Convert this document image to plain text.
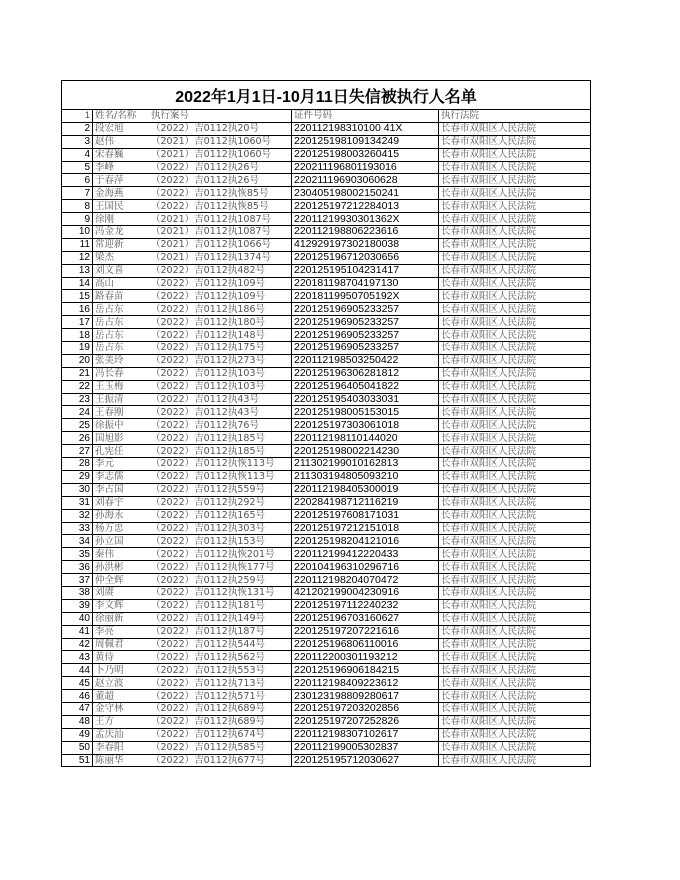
2022年1月1日-10月11日失信被执行人名单
1	姓名/名称	执行案号	证件号码	执行法院
2	段宏旭	（2022）吉0112执20号	220112198310100 41X	长春市双阳区人民法院
3	赵伟	（2021）吉0112执1060号	220125198109134249	长春市双阳区人民法院
4	宋春巍	（2021）吉0112执1060号	220125198003260415	长春市双阳区人民法院
5	李峰	（2022）吉0112执26号	220211196801193016	长春市双阳区人民法院
6	于春萍	（2022）吉0112执26号	220211196903060628	长春市双阳区人民法院
7	金海燕	（2022）吉0112执恢85号	230405198002150241	长春市双阳区人民法院
8	王国民	（2022）吉0112执恢85号	220125197212284013	长春市双阳区人民法院
9	徐刚	（2021）吉0112执1087号	22011219930301362X	长春市双阳区人民法院
10	冯金龙	（2021）吉0112执1087号	220112198806223616	长春市双阳区人民法院
11	常迎新	（2021）吉0112执1066号	412929197302180038	长春市双阳区人民法院
12	梁杰	（2021）吉0112执1374号	220125196712030656	长春市双阳区人民法院
13	刘文喜	（2022）吉0112执482号	220125195104231417	长春市双阳区人民法院
14	高山	（2022）吉0112执109号	220181198704197130	长春市双阳区人民法院
15	路春苗	（2022）吉0112执109号	22018119950705192X	长春市双阳区人民法院
16	岳占东	（2022）吉0112执186号	220125196905233257	长春市双阳区人民法院
17	岳占东	（2022）吉0112执180号	220125196905233257	长春市双阳区人民法院
18	岳占东	（2022）吉0112执148号	220125196905233257	长春市双阳区人民法院
19	岳占东	（2022）吉0112执175号	220125196905233257	长春市双阳区人民法院
20	张美玲	（2022）吉0112执273号	220112198503250422	长春市双阳区人民法院
21	冯长春	（2022）吉0112执103号	220125196306281812	长春市双阳区人民法院
22	王玉梅	（2022）吉0112执103号	220125196405041822	长春市双阳区人民法院
23	王振清	（2022）吉0112执43号	220125195403033031	长春市双阳区人民法院
24	王春刚	（2022）吉0112执43号	220125198005153015	长春市双阳区人民法院
25	徐振中	（2022）吉0112执76号	220125197303061018	长春市双阳区人民法院
26	国旭影	（2022）吉0112执185号	220112198110144020	长春市双阳区人民法院
27	孔宪任	（2022）吉0112执185号	220125198002214230	长春市双阳区人民法院
28	李元	（2022）吉0112执恢113号	211302199010162813	长春市双阳区人民法院
29	李志儒	（2022）吉0112执恢113号	211303194805093210	长春市双阳区人民法院
30	李占国	（2022）吉0112执559号	220112198405300019	长春市双阳区人民法院
31	刘春宇	（2022）吉0112执292号	220284198712116219	长春市双阳区人民法院
32	孙海永	（2022）吉0112执165号	220125197608171031	长春市双阳区人民法院
33	杨万忠	（2022）吉0112执303号	220125197212151018	长春市双阳区人民法院
34	孙立国	（2022）吉0112执153号	220125198204121016	长春市双阳区人民法院
35	秦伟	（2022）吉0112执恢201号	220112199412220433	长春市双阳区人民法院
36	孙洪彬	（2022）吉0112执恢177号	220104196310296716	长春市双阳区人民法院
37	仲全辉	（2022）吉0112执259号	220112198204070472	长春市双阳区人民法院
38	刘赓	（2022）吉0112执恢131号	421202199004230916	长春市双阳区人民法院
39	李文辉	（2022）吉0112执181号	220125197112240232	长春市双阳区人民法院
40	徐丽新	（2022）吉0112执149号	220125196703160627	长春市双阳区人民法院
41	李亮	（2022）吉0112执187号	220125197207221616	长春市双阳区人民法院
42	周佩君	（2022）吉0112执544号	220125196806110016	长春市双阳区人民法院
43	黄侍	（2022）吉0112执562号	220112200301193212	长春市双阳区人民法院
44	卜乃明	（2022）吉0112执553号	220125196906184215	长春市双阳区人民法院
45	赵立波	（2022）吉0112执713号	220112198409223612	长春市双阳区人民法院
46	董超	（2022）吉0112执571号	230123198809280617	长春市双阳区人民法院
47	金守林	（2022）吉0112执689号	220125197203202856	长春市双阳区人民法院
48	王方	（2022）吉0112执689号	220125197207252826	长春市双阳区人民法院
49	孟庆汕	（2022）吉0112执674号	220112198307102617	长春市双阳区人民法院
50	李春阳	（2022）吉0112执585号	220112199005302837	长春市双阳区人民法院
51	陈丽华	（2022）吉0112执677号	220125195712030627	长春市双阳区人民法院
